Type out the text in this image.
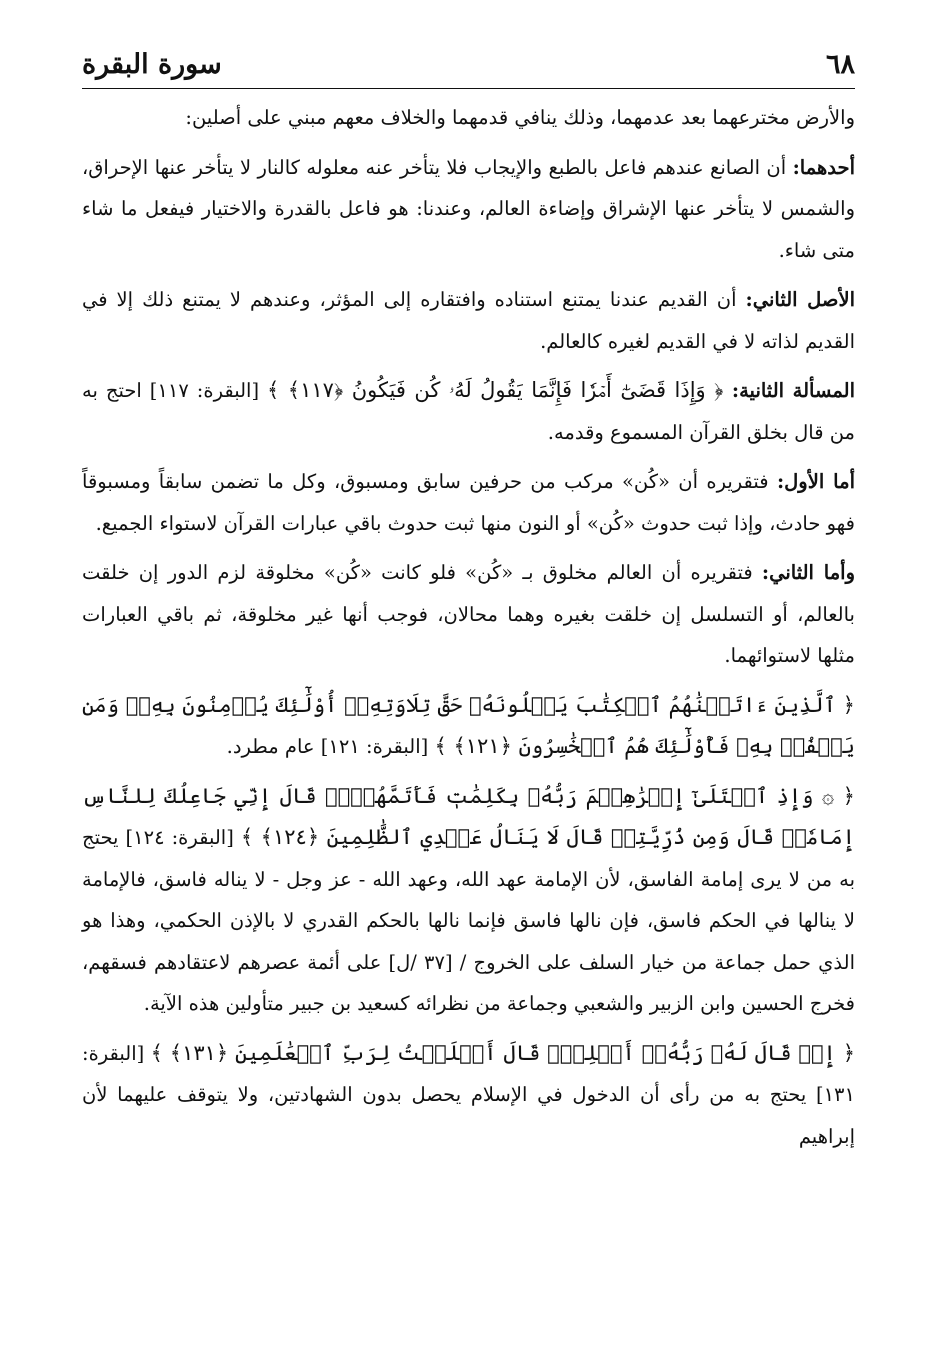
٦٨
سورة البقرة

والأرض مخترعهما بعد عدمهما، وذلك ينافي قدمهما والخلاف معهم مبني على أصلين:

أحدهما: أن الصانع عندهم فاعل بالطبع والإيجاب فلا يتأخر عنه معلوله كالنار لا يتأخر عنها الإحراق، والشمس لا يتأخر عنها الإشراق وإضاءة العالم، وعندنا: هو فاعل بالقدرة والاختيار فيفعل ما شاء متى شاء.

الأصل الثاني: أن القديم عندنا يمتنع استناده وافتقاره إلى المؤثر، وعندهم لا يمتنع ذلك إلا في القديم لذاته لا في القديم لغيره كالعالم.

المسألة الثانية: ﴿ وَإِذَا قَضَىٰٓ أَمۡرٗا فَإِنَّمَا يَقُولُ لَهُۥ كُن فَيَكُونُ ﴿١١٧﴾ ﴾ [البقرة: ١١٧] احتج به من قال بخلق القرآن المسموع وقدمه.

أما الأول: فتقريره أن «كُن» مركب من حرفين سابق ومسبوق، وكل ما تضمن سابقاً ومسبوقاً فهو حادث، وإذا ثبت حدوث «كُن» أو النون منها ثبت حدوث باقي عبارات القرآن لاستواء الجميع.

وأما الثاني: فتقريره أن العالم مخلوق بـ «كُن» فلو كانت «كُن» مخلوقة لزم الدور إن خلقت بالعالم، أو التسلسل إن خلقت بغيره وهما محالان، فوجب أنها غير مخلوقة، ثم باقي العبارات مثلها لاستوائهما.

﴿ ٱلَّذِينَ ءَاتَيۡنَٰهُمُ ٱلۡكِتَٰبَ يَتۡلُونَهُۥ حَقَّ تِلَاوَتِهِۦٓ أُوْلَٰٓئِكَ يُؤۡمِنُونَ بِهِۦۗ وَمَن يَكۡفُرۡ بِهِۦ فَأُوْلَٰٓئِكَ هُمُ ٱلۡخَٰسِرُونَ ﴿١٢١﴾ ﴾ [البقرة: ١٢١] عام مطرد.

﴿ ۞ وَإِذِ ٱبۡتَلَىٰٓ إِبۡرَٰهِـۧمَ رَبُّهُۥ بِكَلِمَٰتٖ فَأَتَمَّهُنَّۖ قَالَ إِنِّي جَاعِلُكَ لِلنَّاسِ إِمَامٗاۖ قَالَ وَمِن ذُرِّيَّتِيۖ قَالَ لَا يَنَالُ عَهۡدِي ٱلظَّٰلِمِينَ ﴿١٢٤﴾ ﴾ [البقرة: ١٢٤] يحتج به من لا يرى إمامة الفاسق، لأن الإمامة عهد الله، وعهد الله - عز وجل - لا يناله فاسق، فالإمامة لا ينالها في الحكم فاسق، فإن نالها فاسق فإنما نالها بالحكم القدري لا بالإذن الحكمي، وهذا هو الذي حمل جماعة من خيار السلف على الخروج / [٣٧ /ل] على أئمة عصرهم لاعتقادهم فسقهم، فخرج الحسين وابن الزبير والشعبي وجماعة من نظرائه كسعيد بن جبير متأولين هذه الآية.

﴿ إِذۡ قَالَ لَهُۥ رَبُّهُۥٓ أَسۡلِمۡۖ قَالَ أَسۡلَمۡتُ لِرَبِّ ٱلۡعَٰلَمِينَ ﴿١٣١﴾ ﴾ [البقرة: ١٣١] يحتج به من رأى أن الدخول في الإسلام يحصل بدون الشهادتين، ولا يتوقف عليهما لأن إبراهيم
